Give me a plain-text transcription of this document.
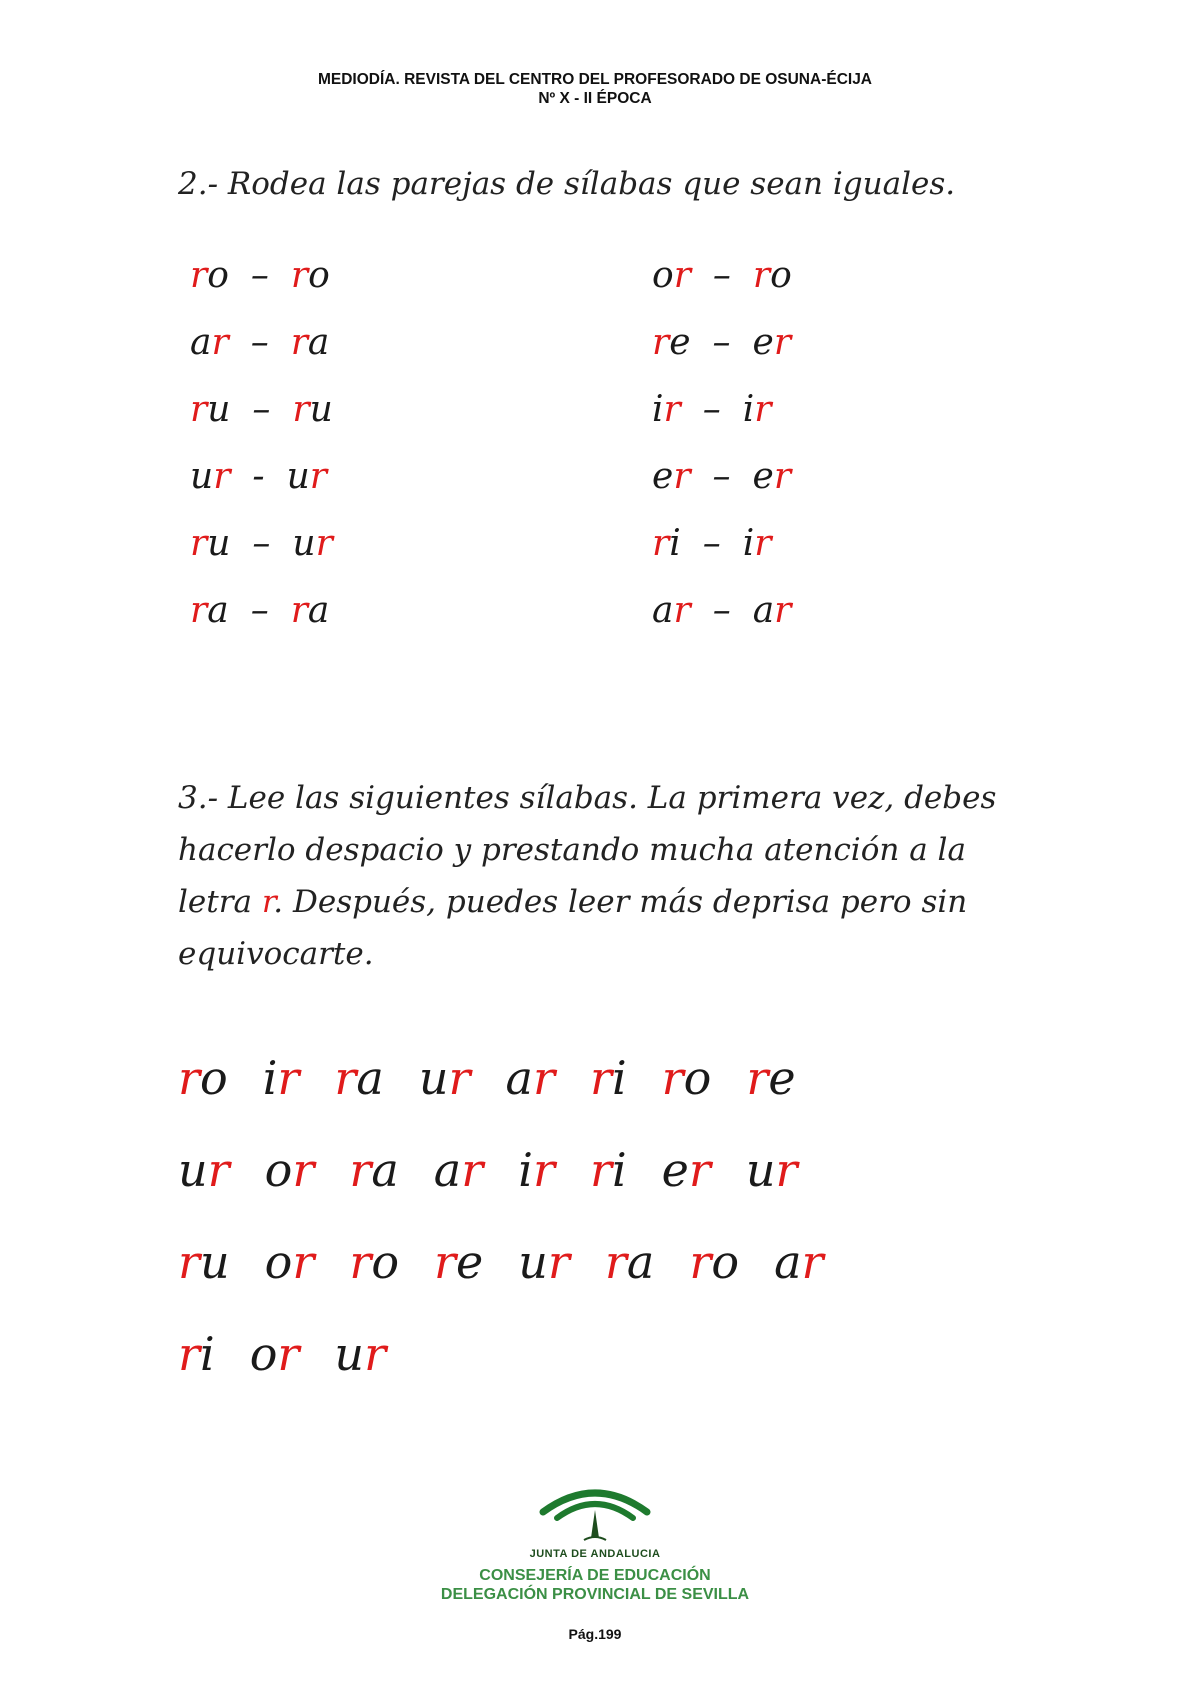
MEDIODÍA. REVISTA DEL CENTRO DEL PROFESORADO DE OSUNA-ÉCIJA
Nº X - II ÉPOCA
2.- Rodea las parejas de sílabas que sean iguales.
ro – ro
ar – ra
ru – ru
ur - ur
ru – ur
ra – ra
or – ro
re – er
ir – ir
er – er
ri – ir
ar – ar
3.- Lee las siguientes sílabas. La primera vez, debes hacerlo despacio y prestando mucha atención a la letra r. Después, puedes leer más deprisa pero sin equivocarte.
ro ir ra ur ar ri ro re
ur or ra ar ir ri er ur
ru or ro re ur ra ro ar
ri or ur
JUNTA DE ANDALUCIA
CONSEJERÍA DE EDUCACIÓN
DELEGACIÓN PROVINCIAL DE SEVILLA
Pág.199
